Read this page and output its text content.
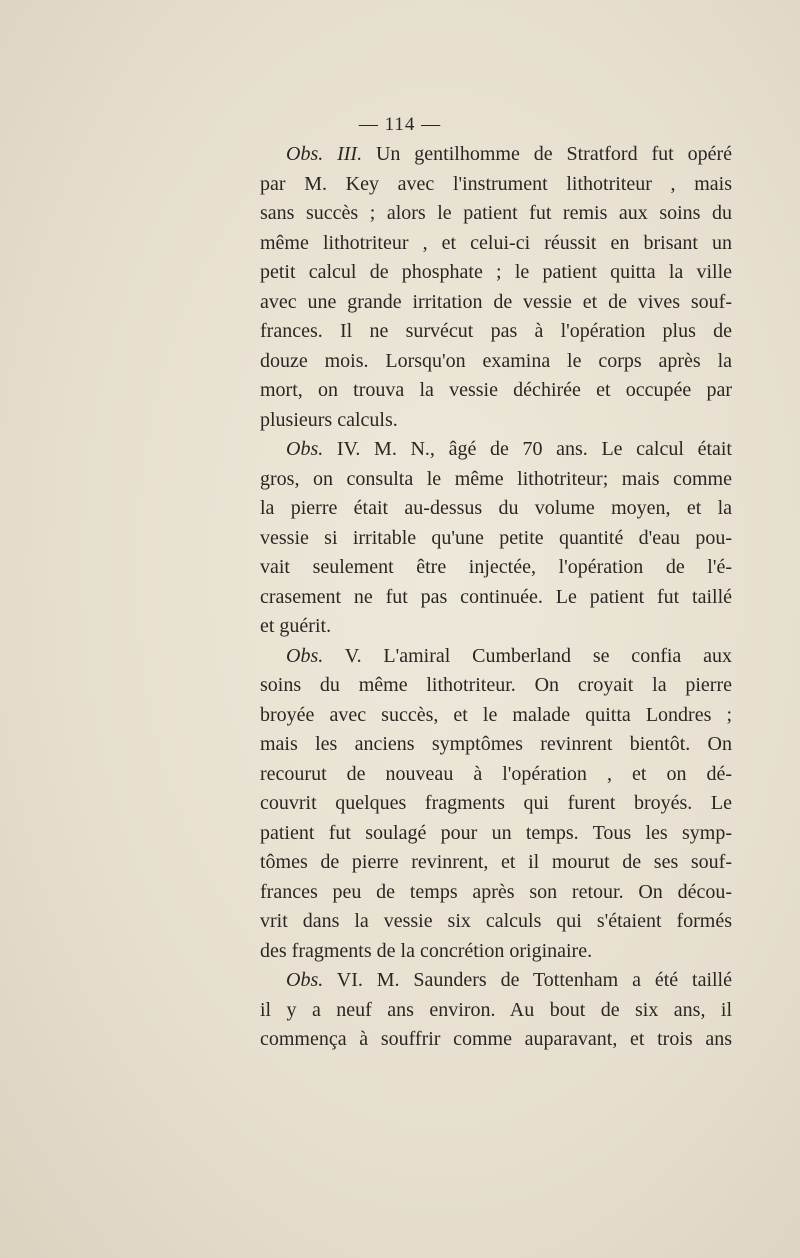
— 114 —
Obs. III. Un gentilhomme de Stratford fut opéré
par M. Key avec l'instrument lithotriteur , mais
sans succès ; alors le patient fut remis aux soins du
même lithotriteur , et celui-ci réussit en brisant un
petit calcul de phosphate ; le patient quitta la ville
avec une grande irritation de vessie et de vives souf-
frances. Il ne survécut pas à l'opération plus de
douze mois. Lorsqu'on examina le corps après la
mort, on trouva la vessie déchirée et occupée par
plusieurs calculs.
Obs. IV. M. N., âgé de 70 ans. Le calcul était
gros, on consulta le même lithotriteur; mais comme
la pierre était au-dessus du volume moyen, et la
vessie si irritable qu'une petite quantité d'eau pou-
vait seulement être injectée, l'opération de l'é-
crasement ne fut pas continuée. Le patient fut taillé
et guérit.
Obs. V. L'amiral Cumberland se confia aux
soins du même lithotriteur. On croyait la pierre
broyée avec succès, et le malade quitta Londres ;
mais les anciens symptômes revinrent bientôt. On
recourut de nouveau à l'opération , et on dé-
couvrit quelques fragments qui furent broyés. Le
patient fut soulagé pour un temps. Tous les symp-
tômes de pierre revinrent, et il mourut de ses souf-
frances peu de temps après son retour. On décou-
vrit dans la vessie six calculs qui s'étaient formés
des fragments de la concrétion originaire.
Obs. VI. M. Saunders de Tottenham a été taillé
il y a neuf ans environ. Au bout de six ans, il
commença à souffrir comme auparavant, et trois ans
